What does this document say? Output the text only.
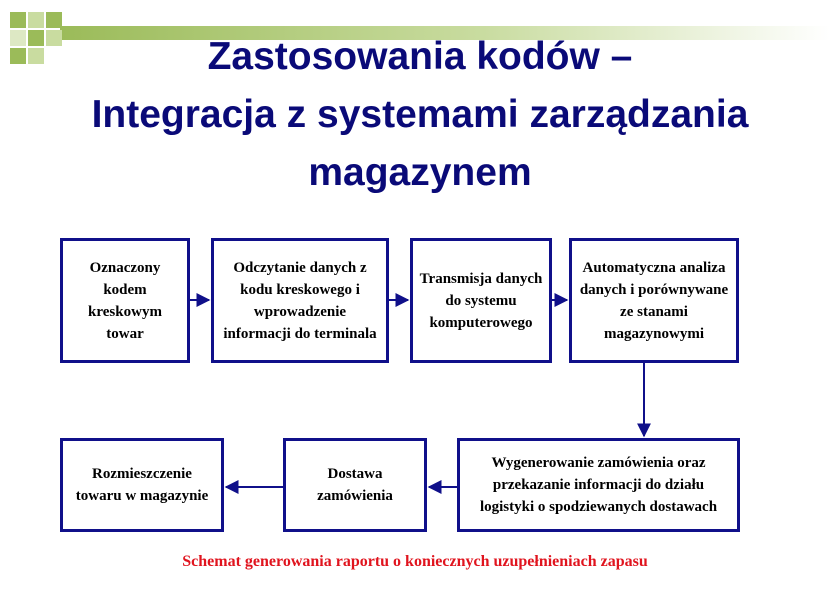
Zastosowania kodów –
Integracja z systemami zarządzania
magazynem
Oznaczony kodem kreskowym towar
Odczytanie danych z kodu kreskowego i wprowadzenie informacji do terminala
Transmisja danych do systemu komputerowego
Automatyczna analiza danych i porównywane ze stanami magazynowymi
Wygenerowanie zamówienia oraz przekazanie informacji do działu logistyki o spodziewanych dostawach
Dostawa zamówienia
Rozmieszczenie towaru w magazynie
Schemat generowania raportu o koniecznych uzupełnieniach zapasu
